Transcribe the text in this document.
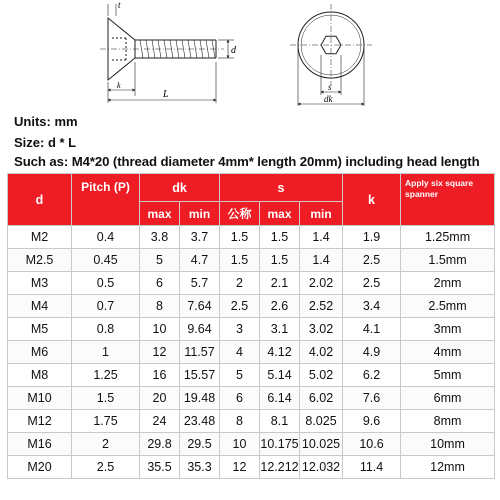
t
d
k
L
s
dk
Units: mm
Size: d * L
Such as: M4*20 (thread diameter 4mm* length 20mm) including head length
d	Pitch (P)	dk		s			k	Apply six square spanner
		max	min	公称	max	min		
M2	0.4	3.8	3.7	1.5	1.5	1.4	1.9	1.25mm
M2.5	0.45	5	4.7	1.5	1.5	1.4	2.5	1.5mm
M3	0.5	6	5.7	2	2.1	2.02	2.5	2mm
M4	0.7	8	7.64	2.5	2.6	2.52	3.4	2.5mm
M5	0.8	10	9.64	3	3.1	3.02	4.1	3mm
M6	1	12	11.57	4	4.12	4.02	4.9	4mm
M8	1.25	16	15.57	5	5.14	5.02	6.2	5mm
M10	1.5	20	19.48	6	6.14	6.02	7.6	6mm
M12	1.75	24	23.48	8	8.1	8.025	9.6	8mm
M16	2	29.8	29.5	10	10.175	10.025	10.6	10mm
M20	2.5	35.5	35.3	12	12.212	12.032	11.4	12mm
